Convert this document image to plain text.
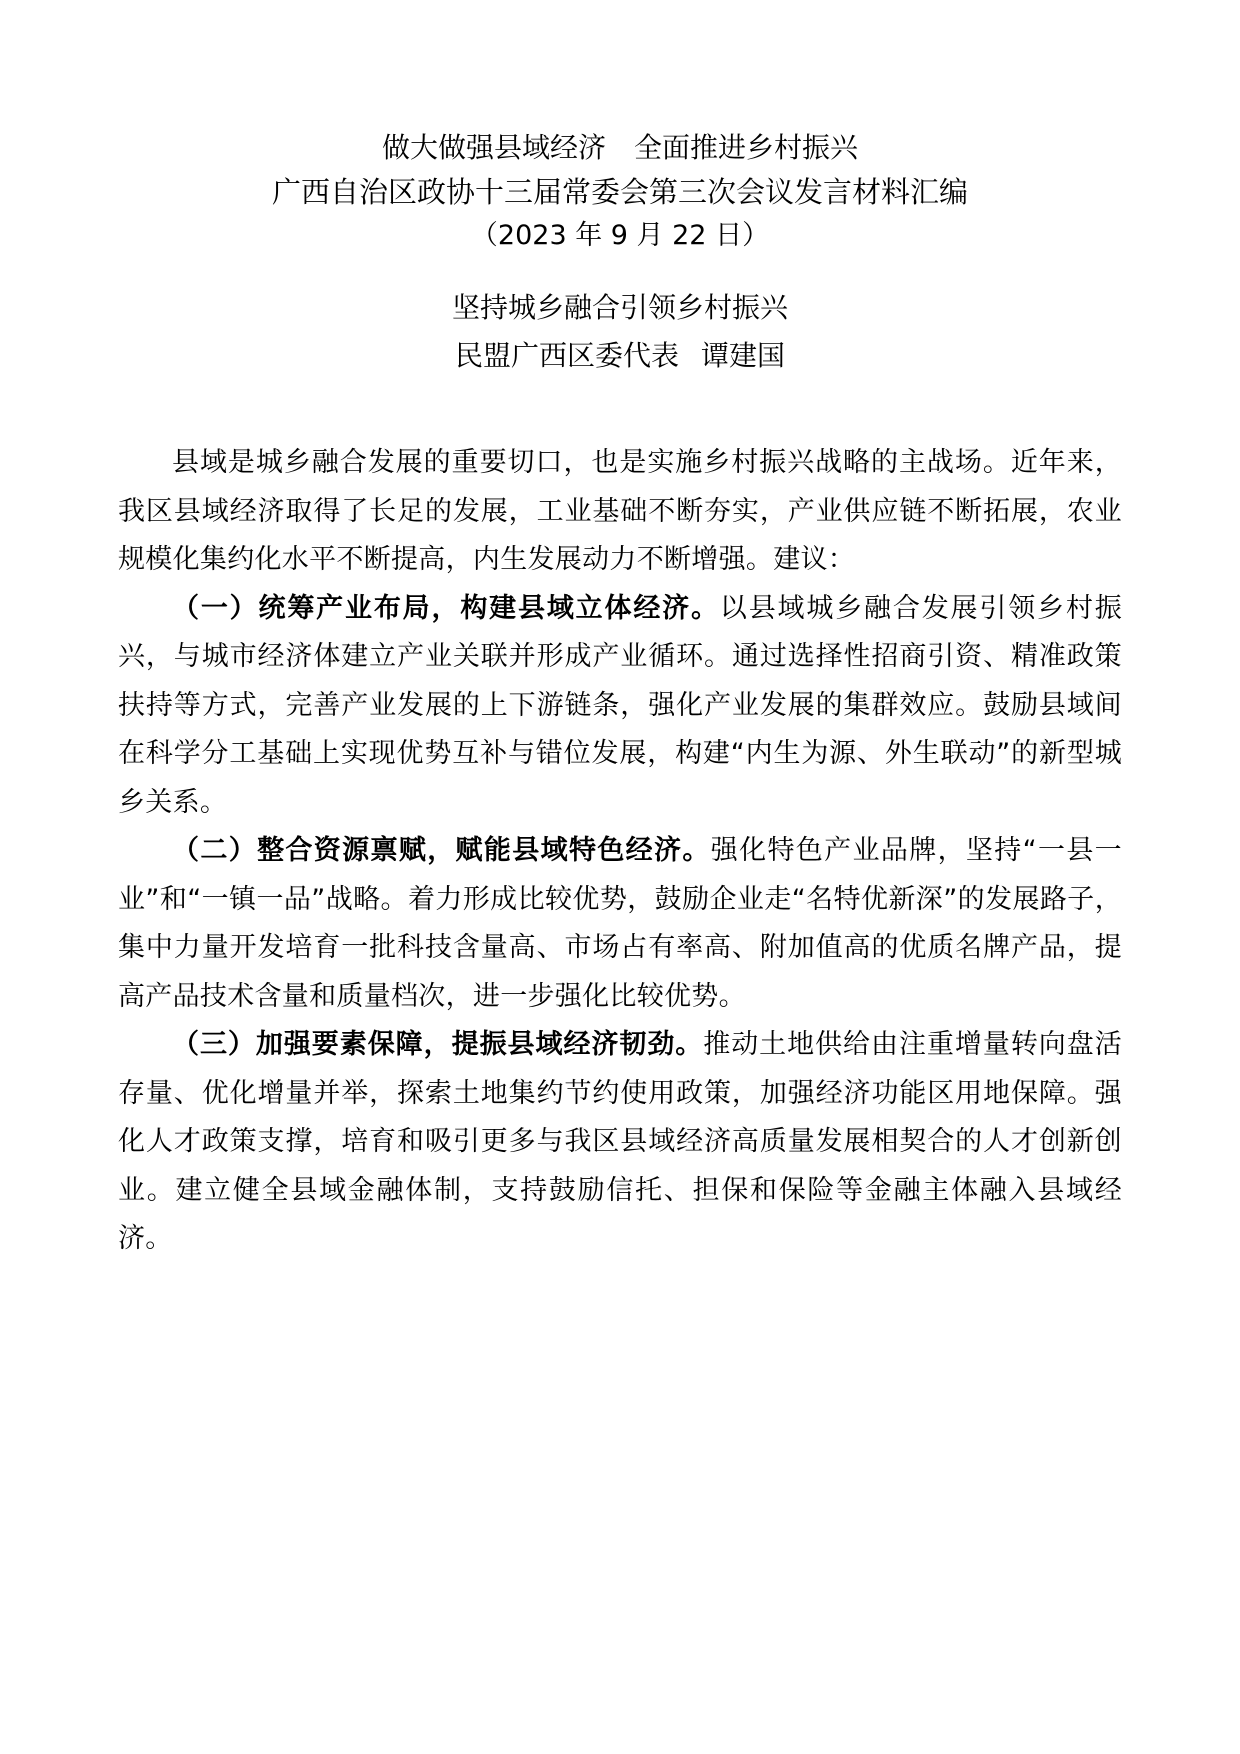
做大做强县域经济 全面推进乡村振兴
广西自治区政协十三届常委会第三次会议发言材料汇编
（2023 年 9 月 22 日）
坚持城乡融合引领乡村振兴
民盟广西区委代表 谭建国

县域是城乡融合发展的重要切口，也是实施乡村振兴战略的主战场。近年来，我区县域经济取得了长足的发展，工业基础不断夯实，产业供应链不断拓展，农业规模化集约化水平不断提高，内生发展动力不断增强。建议：

（一）统筹产业布局，构建县域立体经济。以县域城乡融合发展引领乡村振兴，与城市经济体建立产业关联并形成产业循环。通过选择性招商引资、精准政策扶持等方式，完善产业发展的上下游链条，强化产业发展的集群效应。鼓励县域间在科学分工基础上实现优势互补与错位发展，构建“内生为源、外生联动”的新型城乡关系。

（二）整合资源禀赋，赋能县域特色经济。强化特色产业品牌，坚持“一县一业”和“一镇一品”战略。着力形成比较优势，鼓励企业走“名特优新深”的发展路子，集中力量开发培育一批科技含量高、市场占有率高、附加值高的优质名牌产品，提高产品技术含量和质量档次，进一步强化比较优势。

（三）加强要素保障，提振县域经济韧劲。推动土地供给由注重增量转向盘活存量、优化增量并举，探索土地集约节约使用政策，加强经济功能区用地保障。强化人才政策支撑，培育和吸引更多与我区县域经济高质量发展相契合的人才创新创业。建立健全县域金融体制，支持鼓励信托、担保和保险等金融主体融入县域经济。
